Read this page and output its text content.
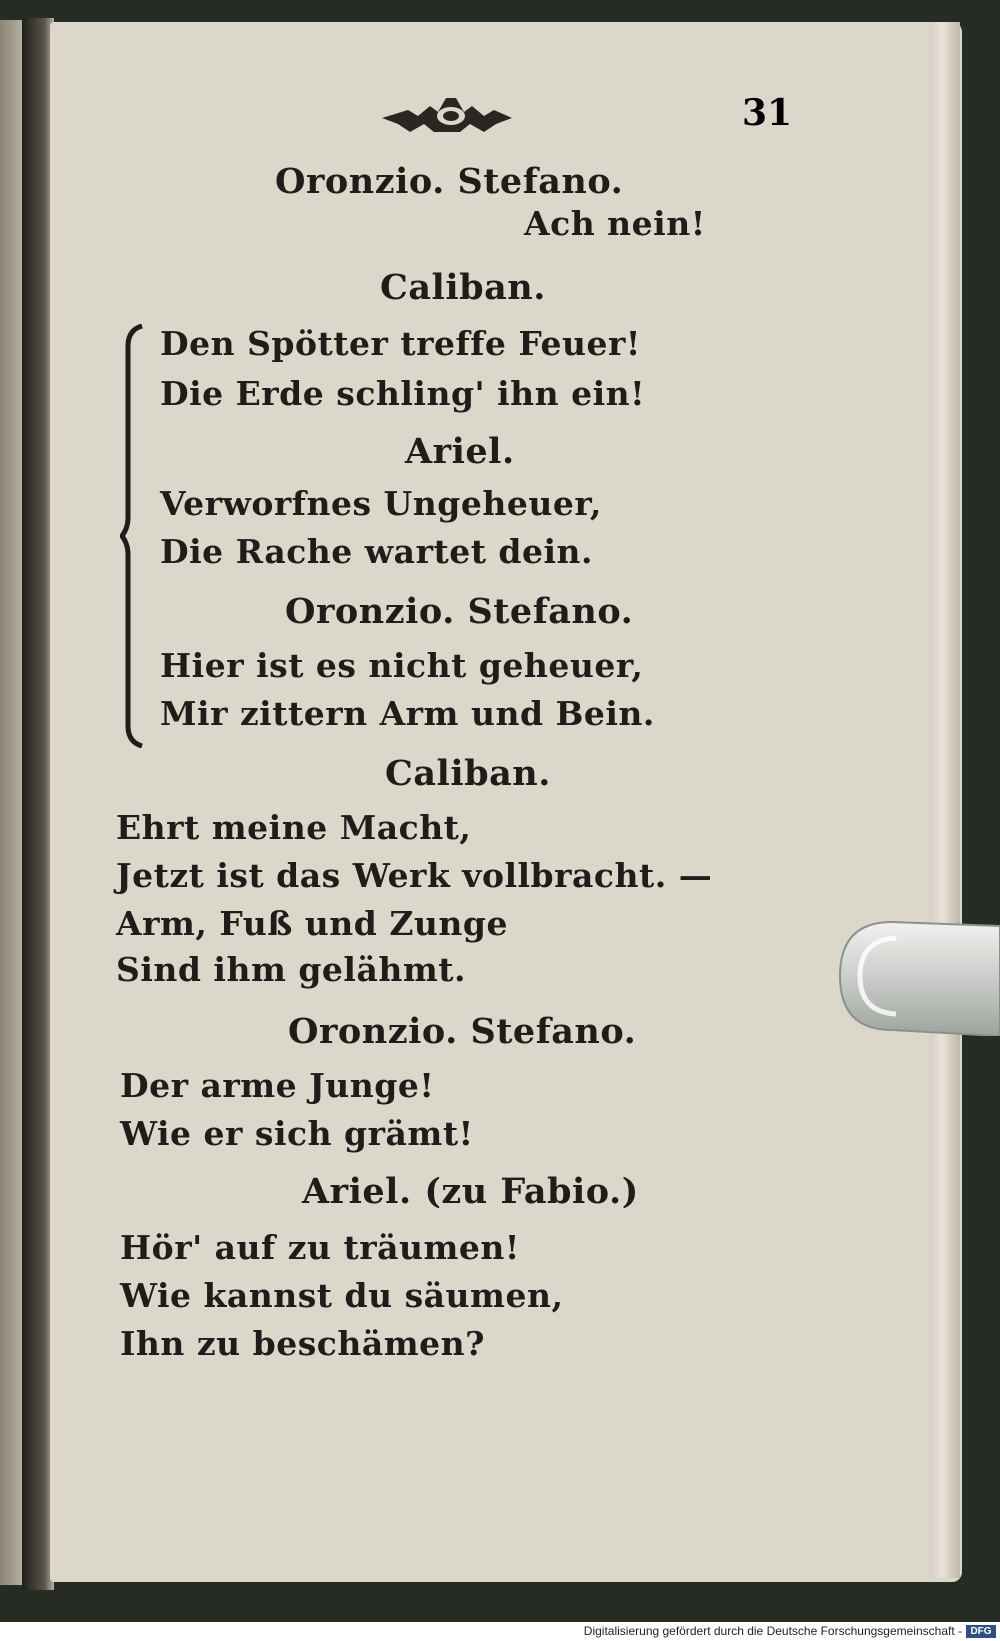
31
Oronzio. Stefano.
Ach nein!
Caliban.
Den Spötter treffe Feuer!
Die Erde schling' ihn ein!
Ariel.
Verworfnes Ungeheuer,
Die Rache wartet dein.
Oronzio. Stefano.
Hier ist es nicht geheuer,
Mir zittern Arm und Bein.
Caliban.
Ehrt meine Macht,
Jetzt ist das Werk vollbracht. —
Arm, Fuß und Zunge
Sind ihm gelähmt.
Oronzio. Stefano.
Der arme Junge!
Wie er sich grämt!
Ariel. (zu Fabio.)
Hör' auf zu träumen!
Wie kannst du säumen,
Ihn zu beschämen?
Digitalisierung gefördert durch die Deutsche Forschungsgemeinschaft - DFG
